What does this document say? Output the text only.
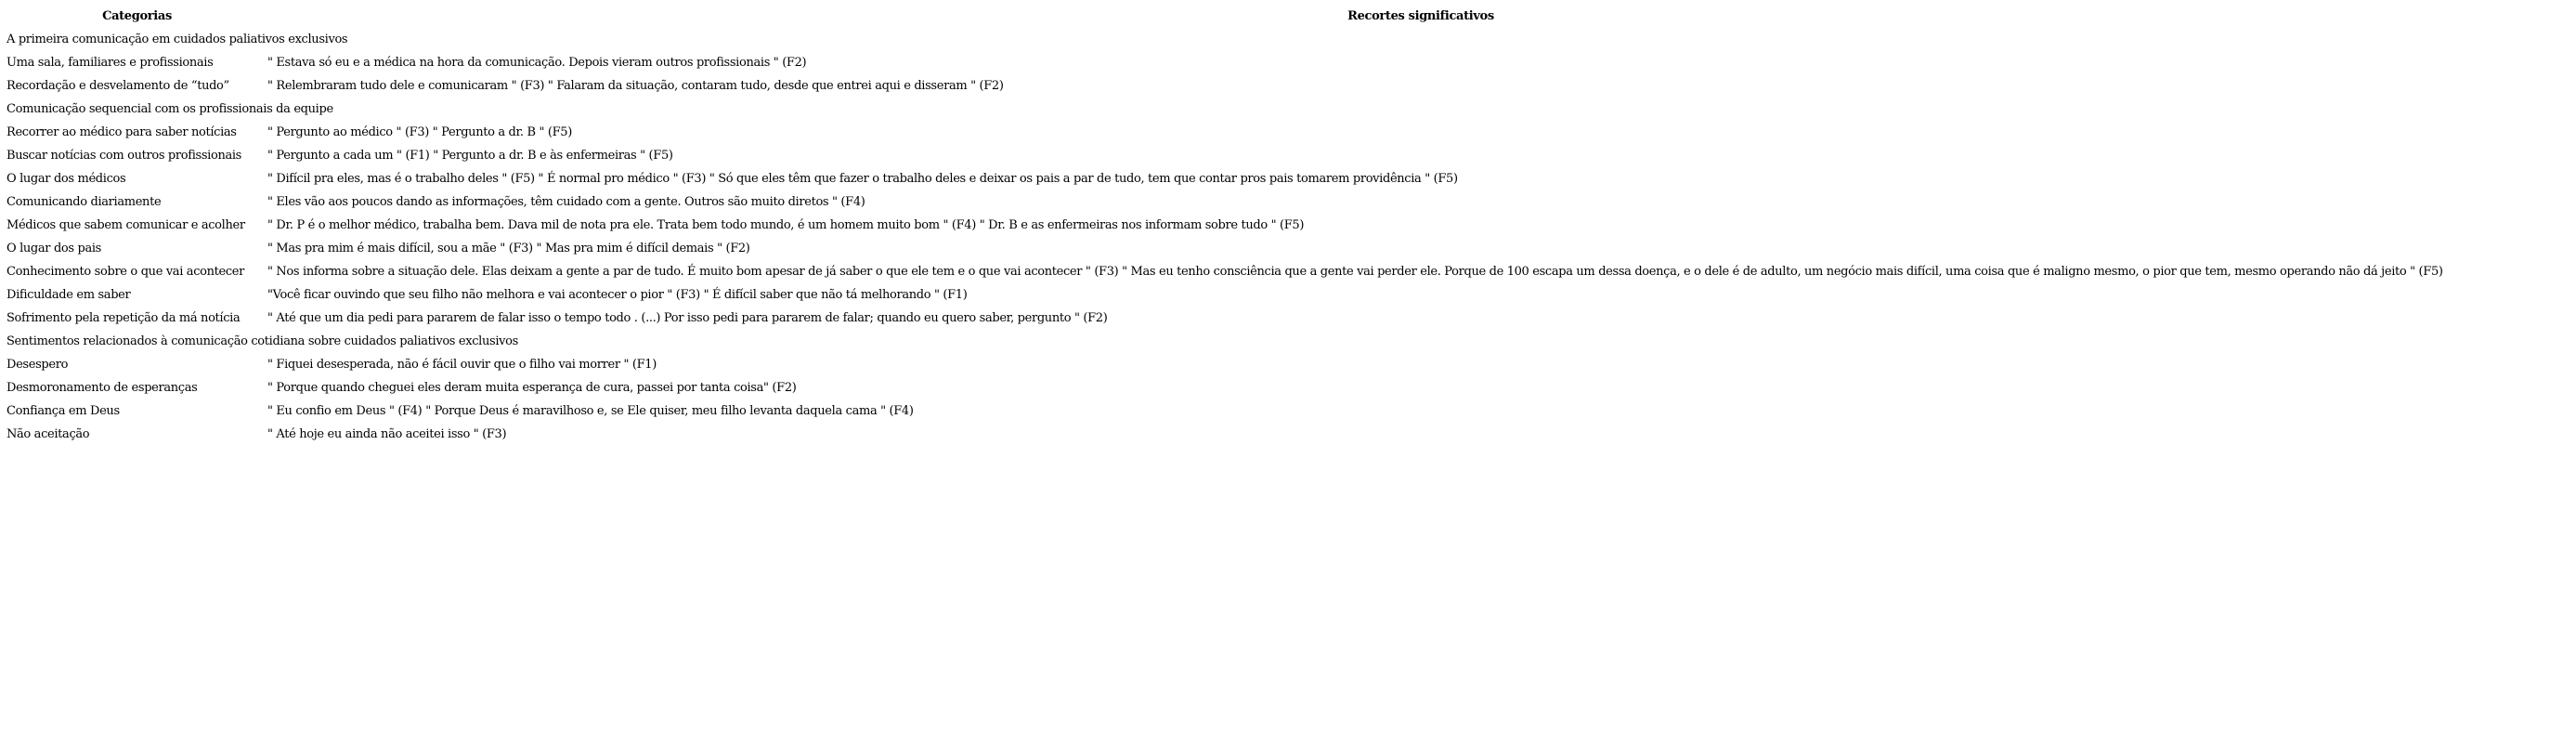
Categorias	Recortes significativos
A primeira comunicação em cuidados paliativos exclusivos	
Uma sala, familiares e profissionais	" Estava só eu e a médica na hora da comunicação. Depois vieram outros profissionais " (F2)
Recordação e desvelamento de “tudo”	" Relembraram tudo dele e comunicaram " (F3) " Falaram da situação, contaram tudo, desde que entrei aqui e disseram " (F2)
Comunicação sequencial com os profissionais da equipe	
Recorrer ao médico para saber notícias	" Pergunto ao médico " (F3) " Pergunto a dr. B " (F5)
Buscar notícias com outros profissionais	" Pergunto a cada um " (F1) " Pergunto a dr. B e às enfermeiras " (F5)
O lugar dos médicos	" Difícil pra eles, mas é o trabalho deles " (F5) " É normal pro médico " (F3) " Só que eles têm que fazer o trabalho deles e deixar os pais a par de tudo, tem que contar pros pais tomarem providência " (F5)
Comunicando diariamente	" Eles vão aos poucos dando as informações, têm cuidado com a gente. Outros são muito diretos " (F4)
Médicos que sabem comunicar e acolher	" Dr. P é o melhor médico, trabalha bem. Dava mil de nota pra ele. Trata bem todo mundo, é um homem muito bom " (F4) " Dr. B e as enfermeiras nos informam sobre tudo " (F5)
O lugar dos pais	" Mas pra mim é mais difícil, sou a mãe " (F3) " Mas pra mim é difícil demais " (F2)
Conhecimento sobre o que vai acontecer	" Nos informa sobre a situação dele. Elas deixam a gente a par de tudo. É muito bom apesar de já saber o que ele tem e o que vai acontecer " (F3) " Mas eu tenho consciência que a gente vai perder ele. Porque de 100 escapa um dessa doença, e o dele é de adulto, um negócio mais difícil, uma coisa que é maligno mesmo, o pior que tem, mesmo operando não dá jeito " (F5)
Dificuldade em saber	"Você ficar ouvindo que seu filho não melhora e vai acontecer o pior " (F3) " É difícil saber que não tá melhorando " (F1)
Sofrimento pela repetição da má notícia	" Até que um dia pedi para pararem de falar isso o tempo todo . (...) Por isso pedi para pararem de falar; quando eu quero saber, pergunto " (F2)
Sentimentos relacionados à comunicação cotidiana sobre cuidados paliativos exclusivos	
Desespero	" Fiquei desesperada, não é fácil ouvir que o filho vai morrer " (F1)
Desmoronamento de esperanças	" Porque quando cheguei eles deram muita esperança de cura, passei por tanta coisa" (F2)
Confiança em Deus	" Eu confio em Deus " (F4) " Porque Deus é maravilhoso e, se Ele quiser, meu filho levanta daquela cama " (F4)
Não aceitação	" Até hoje eu ainda não aceitei isso " (F3)
